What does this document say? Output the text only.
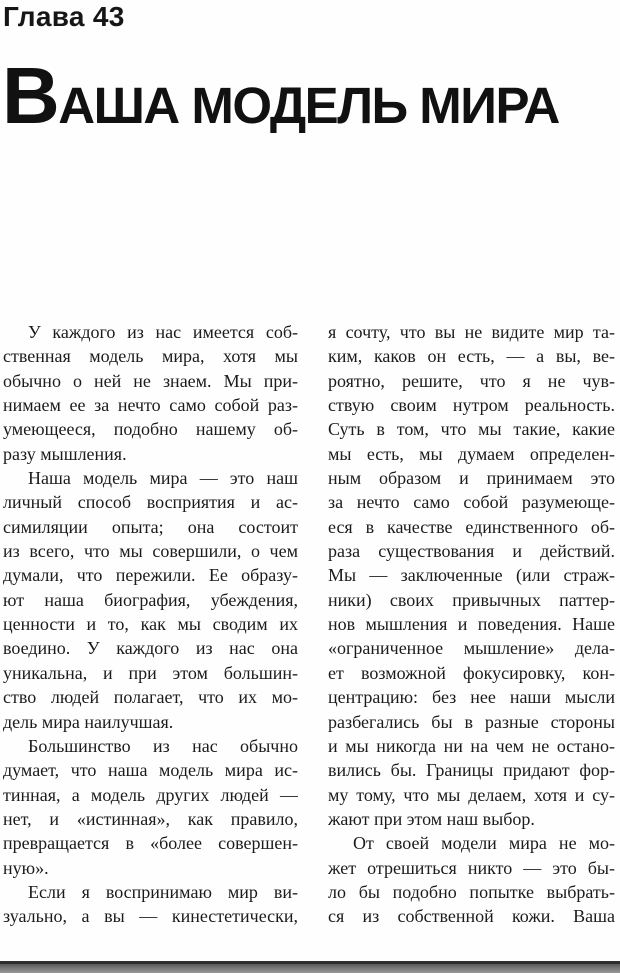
Глава 43
ВАША МОДЕЛЬ МИРА
У каждого из нас имеется соб-
ственная модель мира, хотя мы
обычно о ней не знаем. Мы при-
нимаем ее за нечто само собой раз-
умеющееся, подобно нашему об-
разу мышления.
Наша модель мира — это наш
личный способ восприятия и ас-
симиляции опыта; она состоит
из всего, что мы совершили, о чем
думали, что пережили. Ее образу-
ют наша биография, убеждения,
ценности и то, как мы сводим их
воедино. У каждого из нас она
уникальна, и при этом большин-
ство людей полагает, что их мо-
дель мира наилучшая.
Большинство из нас обычно
думает, что наша модель мира ис-
тинная, а модель других людей —
нет, и «истинная», как правило,
превращается в «более совершен-
ную».
Если я воспринимаю мир ви-
зуально, а вы — кинестетически,
я сочту, что вы не видите мир та-
ким, каков он есть, — а вы, ве-
роятно, решите, что я не чув-
ствую своим нутром реальность.
Суть в том, что мы такие, какие
мы есть, мы думаем определен-
ным образом и принимаем это
за нечто само собой разумеюще-
еся в качестве единственного об-
раза существования и действий.
Мы — заключенные (или страж-
ники) своих привычных паттер-
нов мышления и поведения. Наше
«ограниченное мышление» дела-
ет возможной фокусировку, кон-
центрацию: без нее наши мысли
разбегались бы в разные стороны
и мы никогда ни на чем не остано-
вились бы. Границы придают фор-
му тому, что мы делаем, хотя и су-
жают при этом наш выбор.
От своей модели мира не мо-
жет отрешиться никто — это бы-
ло бы подобно попытке выбрать-
ся из собственной кожи. Ваша
